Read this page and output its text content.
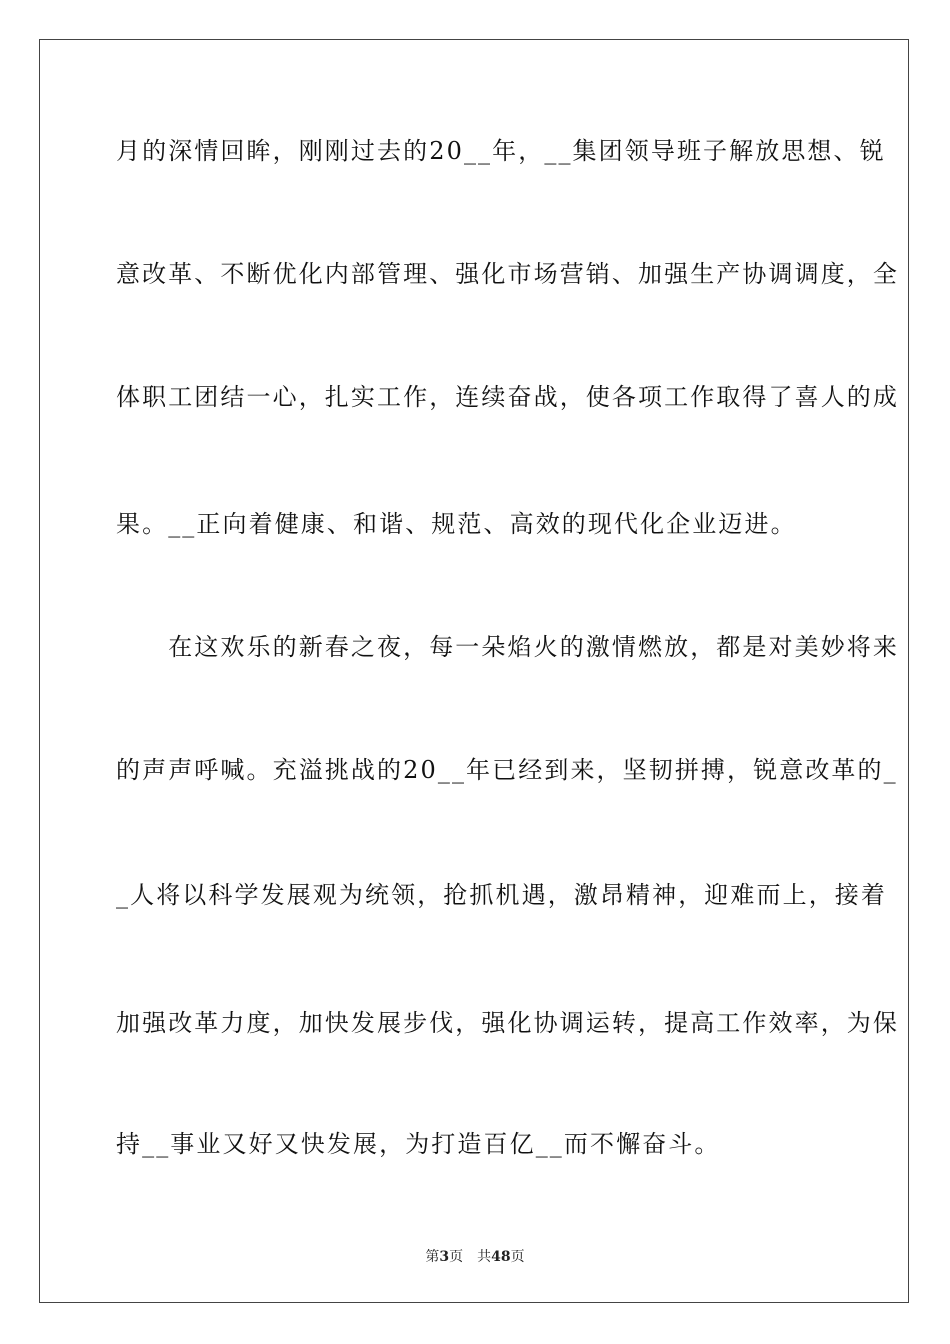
月的深情回眸，刚刚过去的20__年，__集团领导班子解放思想、锐
意改革、不断优化内部管理、强化市场营销、加强生产协调调度，全
体职工团结一心，扎实工作，连续奋战，使各项工作取得了喜人的成
果。__正向着健康、和谐、规范、高效的现代化企业迈进。
　　在这欢乐的新春之夜，每一朵焰火的激情燃放，都是对美妙将来
的声声呼喊。充溢挑战的20__年已经到来，坚韧拼搏，锐意改革的_
_人将以科学发展观为统领，抢抓机遇，激昂精神，迎难而上，接着
加强改革力度，加快发展步伐，强化协调运转，提高工作效率，为保
持__事业又好又快发展，为打造百亿__而不懈奋斗。
第3页 共48页
